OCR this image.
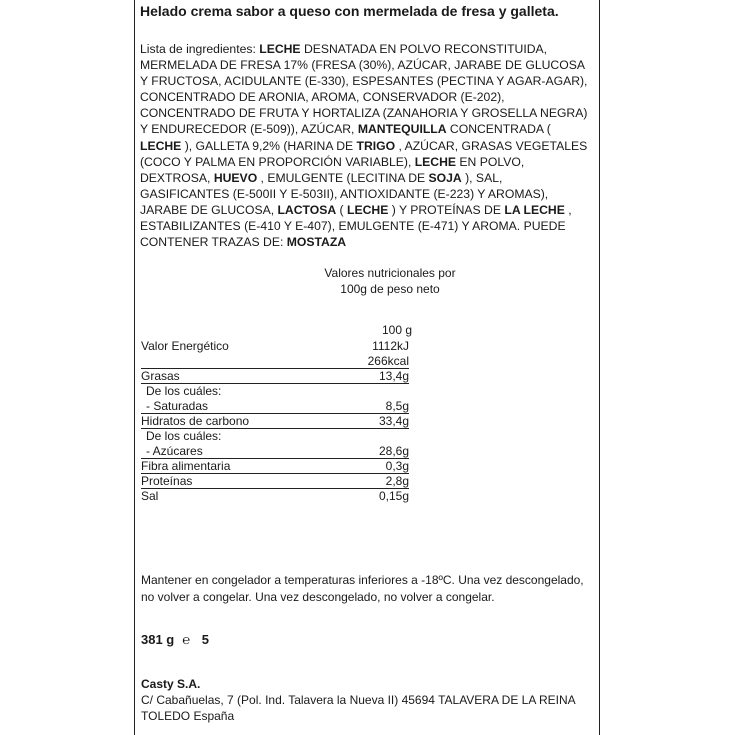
Helado crema sabor a queso con mermelada de fresa y galleta.
Lista de ingredientes: LECHE DESNATADA EN POLVO RECONSTITUIDA, MERMELADA DE FRESA 17% (FRESA (30%), AZÚCAR, JARABE DE GLUCOSA Y FRUCTOSA, ACIDULANTE (E-330), ESPESANTES (PECTINA Y AGAR-AGAR), CONCENTRADO DE ARONIA, AROMA, CONSERVADOR (E-202), CONCENTRADO DE FRUTA Y HORTALIZA (ZANAHORIA Y GROSELLA NEGRA) Y ENDURECEDOR (E-509)), AZÚCAR, MANTEQUILLA CONCENTRADA ( LECHE ), GALLETA 9,2% (HARINA DE TRIGO , AZÚCAR, GRASAS VEGETALES (COCO Y PALMA EN PROPORCIÓN VARIABLE), LECHE EN POLVO, DEXTROSA, HUEVO , EMULGENTE (LECITINA DE SOJA ), SAL, GASIFICANTES (E-500II Y E-503II), ANTIOXIDANTE (E-223) Y AROMAS), JARABE DE GLUCOSA, LACTOSA ( LECHE ) Y PROTEÍNAS DE LA LECHE , ESTABILIZANTES (E-410 Y E-407), EMULGENTE (E-471) Y AROMA. PUEDE CONTENER TRAZAS DE: MOSTAZA
Valores nutricionales por
100g de peso neto
100 g
Valor Energético	1112kJ
266kcal
Grasas	13,4g
De los cuáles:
- Saturadas	8,5g
Hidratos de carbono	33,4g
De los cuáles:
- Azúcares	28,6g
Fibra alimentaria	0,3g
Proteínas	2,8g
Sal	0,15g
Mantener en congelador a temperaturas inferiores a -18ºC. Una vez descongelado, no volver a congelar. Una vez descongelado, no volver a congelar.
381 g ℮ 5
Casty S.A.
C/ Cabañuelas, 7 (Pol. Ind. Talavera la Nueva II) 45694 TALAVERA DE LA REINA TOLEDO España
